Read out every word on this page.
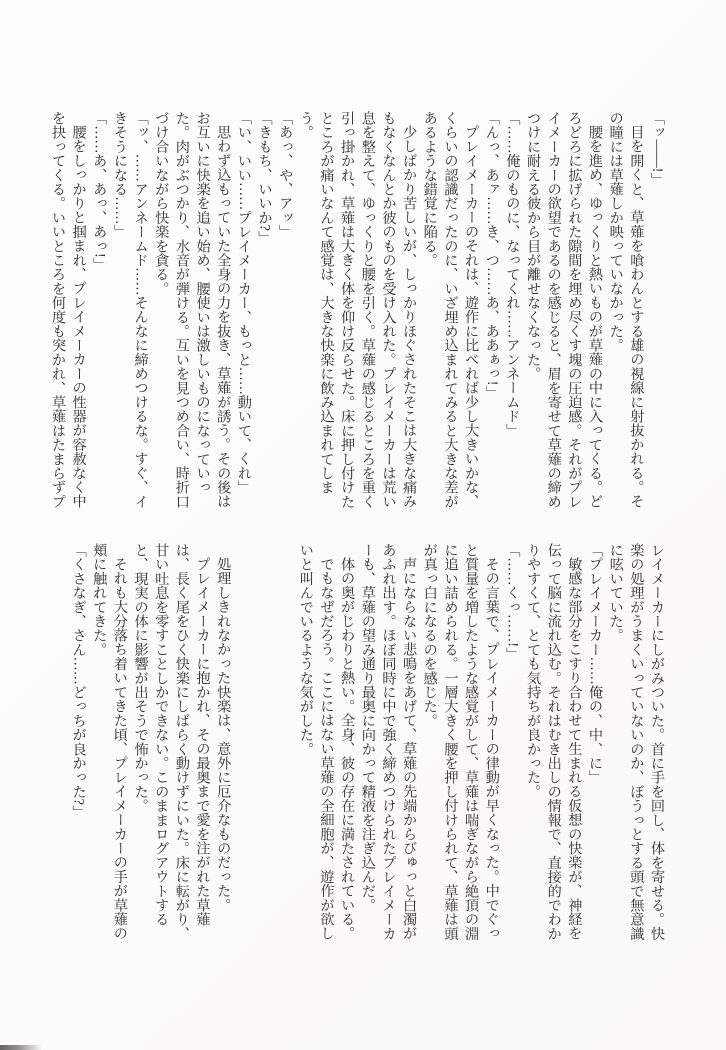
「ッ――!」

目を開くと、草薙を喰わんとする雄の視線に射抜かれる。その瞳には草薙しか映っていなかった。

腰を進め、ゆっくりと熱いものが草薙の中に入ってくる。どろどろに拡げられた隙間を埋め尽くす塊の圧迫感。それがプレイメーカーの欲望であるのを感じると、眉を寄せて草薙の締めつけに耐える彼から目が離せなくなった。

「……俺のものに、なってくれ……アンネームド」

「んっ、あァ……き、つ……あ、ああぁっ!」

プレイメーカーのそれは、遊作に比べれば少し大きいかな、くらいの認識だったのに、いざ埋め込まれてみると大きな差があるような錯覚に陥る。

少しばかり苦しいが、しっかりほぐされたそこは大きな痛みもなくなんとか彼のものを受け入れた。プレイメーカーは荒い息を整えて、ゆっくりと腰を引く。草薙の感じるところを重く引っ掛かれ、草薙は大きく体を仰け反らせた。床に押し付けたところが痛いなんて感覚は、大きな快楽に飲み込まれてしまう。

「あっ、や、アッ」

「きもち、いいか?」

「い、いい……プレイメーカー、もっと……動いて、くれ」

思わず込もっていた全身の力を抜き、草薙が誘う。その後はお互いに快楽を追い始め、腰使いは激しいものになっていった。肉がぶつかり、水音が弾ける。互いを見つめ合い、時折口づけ合いながら快楽を貪る。

「ッ、……アンネームド……そんなに締めつけるな。すぐ、イきそうになる……」

「……あ、あっ、あっ!」

腰をしっかりと掴まれ、プレイメーカーの性器が容赦なく中を抉ってくる。いいところを何度も突かれ、草薙はたまらずプ

レイメーカーにしがみついた。首に手を回し、体を寄せる。快楽の処理がうまくいっていないのか、ぼうっとする頭で無意識に呟いていた。

「プレイメーカー……俺の、中、に」

敏感な部分をこすり合わせて生まれる仮想の快楽が、神経を伝って脳に流れ込む。それはむき出しの情報で、直接的でわかりやすくて、とても気持ちが良かった。

「……くっ……!」

その言葉で、プレイメーカーの律動が早くなった。中でぐっと質量を増したような感覚がして、草薙は喘ぎながら絶頂の淵に追い詰められる。一層大きく腰を押し付けられて、草薙は頭が真っ白になるのを感じた。

声にならない悲鳴をあげて、草薙の先端からびゅっと白濁があふれ出す。ほぼ同時に中で強く締めつけられたプレイメーカーも、草薙の望み通り最奥に向かって精液を注ぎ込んだ。

体の奥がじわりと熱い。全身、彼の存在に満たされている。

でもなぜだろう。ここにはない草薙の全細胞が、遊作が欲しいと叫んでいるような気がした。

処理しきれなかった快楽は、意外に厄介なものだった。

プレイメーカーに抱かれ、その最奥まで愛を注がれた草薙は、長く尾をひく快楽にしばらく動けずにいた。床に転がり、甘い吐息を零すことしかできない。このままログアウトすると、現実の体に影響が出そうで怖かった。

それも大分落ち着いてきた頃、プレイメーカーの手が草薙の頬に触れてきた。

「くさなぎ、さん……どっちが良かった?」
